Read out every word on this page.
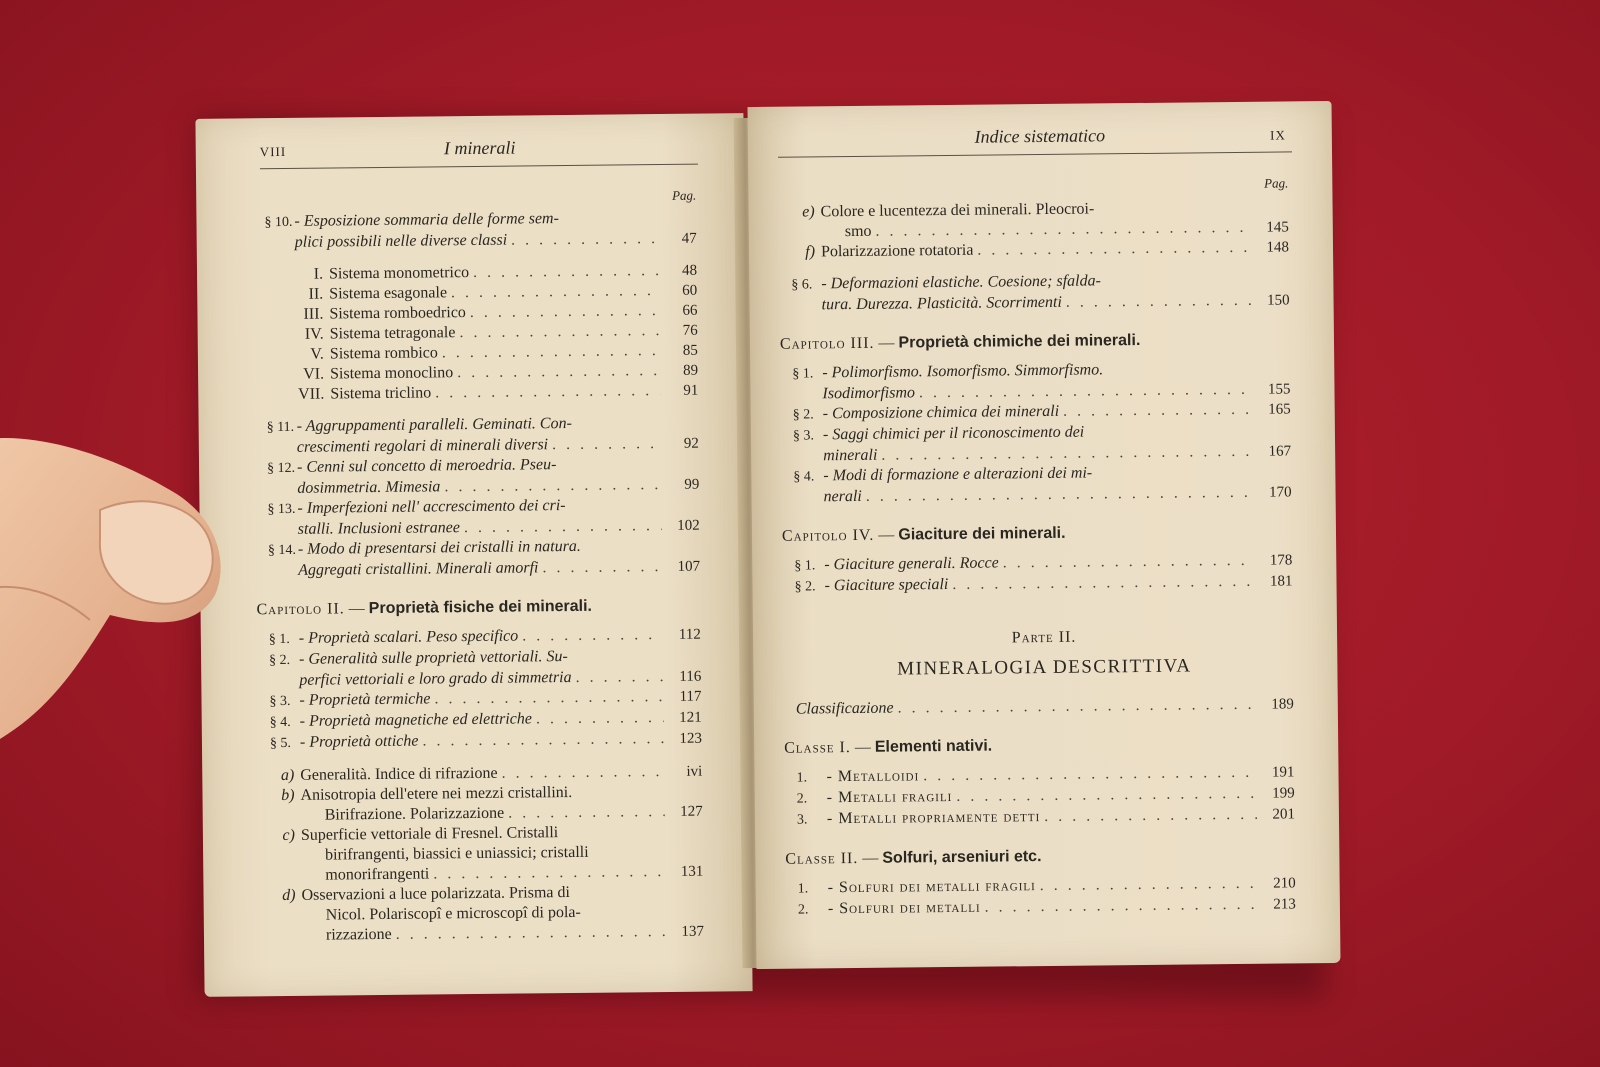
VIII	I minerali
Pag.
§ 10. - Esposizione sommaria delle forme sem-
plici possibili nelle diverse classi . . .	47
I. Sistema monometrico . . .	48
II. Sistema esagonale . . .	60
III. Sistema romboedrico . . .	66
IV. Sistema tetragonale . . .	76
V. Sistema rombico . . .	85
VI. Sistema monoclino . . .	89
VII. Sistema triclino . . .	91
§ 11. - Aggruppamenti paralleli. Geminati. Con-
crescimenti regolari di minerali diversi . . .	92
§ 12. - Cenni sul concetto di meroedria. Pseu-
dosimmetria. Mimesia . . .	99
§ 13. - Imperfezioni nell' accrescimento dei cri-
stalli. Inclusioni estranee . . .	102
§ 14. - Modo di presentarsi dei cristalli in natura.
Aggregati cristallini. Minerali amorfi . . .	107
Capitolo II. — Proprietà fisiche dei minerali.
§ 1. - Proprietà scalari. Peso specifico . . .	112
§ 2. - Generalità sulle proprietà vettoriali. Su-
perfici vettoriali e loro grado di simmetria . . .	116
§ 3. - Proprietà termiche . . .	117
§ 4. - Proprietà magnetiche ed elettriche . . .	121
§ 5. - Proprietà ottiche . . .	123
a) Generalità. Indice di rifrazione . . .	ivi
b) Anisotropia dell'etere nei mezzi cristallini.
Birifrazione. Polarizzazione . . .	127
c) Superficie vettoriale di Fresnel. Cristalli
birifrangenti, biassici e uniassici; cristalli
monorifrangenti . . .	131
d) Osservazioni a luce polarizzata. Prisma di
Nicol. Polariscopî e microscopî di pola-
rizzazione . . .	137
Indice sistematico	IX
Pag.
e) Colore e lucentezza dei minerali. Pleocroi-
smo . . .	145
f) Polarizzazione rotatoria . . .	148
§ 6. - Deformazioni elastiche. Coesione; sfalda-
tura. Durezza. Plasticità. Scorrimenti . . .	150
Capitolo III. — Proprietà chimiche dei minerali.
§ 1. - Polimorfismo. Isomorfismo. Simmorfismo.
Isodimorfismo . . .	155
§ 2. - Composizione chimica dei minerali . . .	165
§ 3. - Saggi chimici per il riconoscimento dei
minerali . . .	167
§ 4. - Modi di formazione e alterazioni dei mi-
nerali . . .	170
Capitolo IV. — Giaciture dei minerali.
§ 1. - Giaciture generali. Rocce . . .	178
§ 2. - Giaciture speciali . . .	181
Parte II.
MINERALOGIA DESCRITTIVA
Classificazione . . .	189
Classe I. — Elementi nativi.
1.	- Metalloidi . . .	191
2.	- Metalli fragili . . .	199
3.	- Metalli propriamente detti . . .	201
Classe II. — Solfuri, arseniuri etc.
1.	- Solfuri dei metalli fragili . . .	210
2.	- Solfuri dei metalli . . .	213
